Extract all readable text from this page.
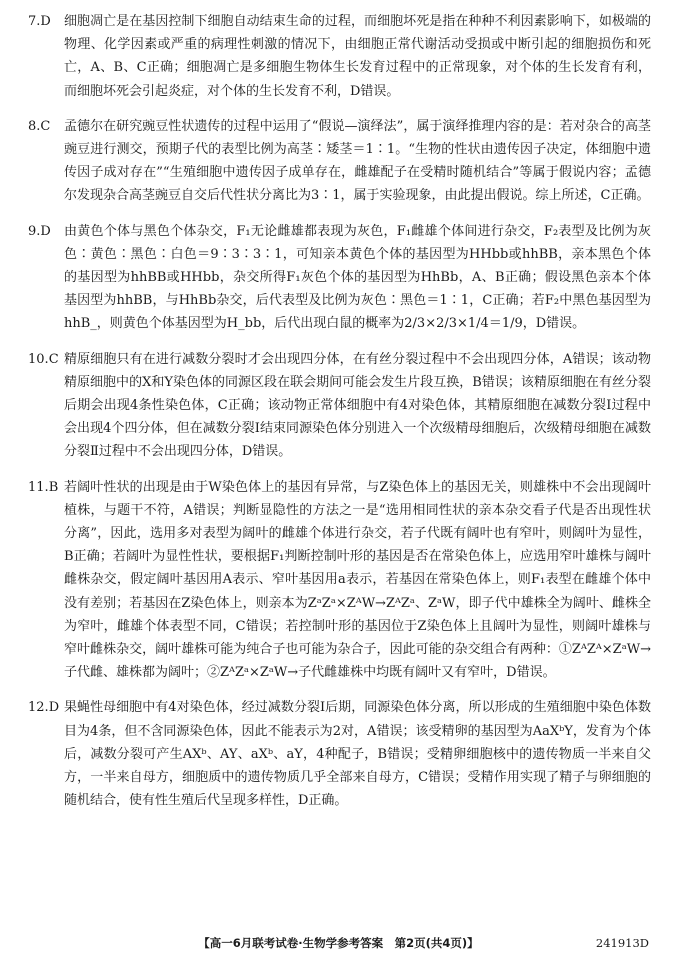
7.D	细胞凋亡是在基因控制下细胞自动结束生命的过程，而细胞坏死是指在种种不利因素影响下，如极端的物理、化学因素或严重的病理性刺激的情况下，由细胞正常代谢活动受损或中断引起的细胞损伤和死亡，A、B、C正确；细胞凋亡是多细胞生物体生长发育过程中的正常现象，对个体的生长发育有利，而细胞坏死会引起炎症，对个体的生长发育不利，D错误。
8.C	孟德尔在研究豌豆性状遗传的过程中运用了“假说—演绎法”，属于演绎推理内容的是：若对杂合的高茎豌豆进行测交，预期子代的表型比例为高茎∶矮茎＝1∶1。“生物的性状由遗传因子决定，体细胞中遗传因子成对存在”“生殖细胞中遗传因子成单存在，雌雄配子在受精时随机结合”等属于假说内容；孟德尔发现杂合高茎豌豆自交后代性状分离比为3∶1，属于实验现象，由此提出假说。综上所述，C正确。
9.D	由黄色个体与黑色个体杂交，F₁无论雌雄都表现为灰色，F₁雌雄个体间进行杂交，F₂表型及比例为灰色∶黄色∶黑色∶白色＝9∶3∶3∶1，可知亲本黄色个体的基因型为HHbb或hhBB，亲本黑色个体的基因型为hhBB或HHbb，杂交所得F₁灰色个体的基因型为HhBb，A、B正确；假设黑色亲本个体基因型为hhBB，与HhBb杂交，后代表型及比例为灰色∶黑色＝1∶1，C正确；若F₂中黑色基因型为hhB_，则黄色个体基因型为H_bb，后代出现白鼠的概率为2/3×2/3×1/4＝1/9，D错误。
10.C 精原细胞只有在进行减数分裂时才会出现四分体，在有丝分裂过程中不会出现四分体，A错误；该动物精原细胞中的X和Y染色体的同源区段在联会期间可能会发生片段互换，B错误；该精原细胞在有丝分裂后期会出现4条性染色体，C正确；该动物正常体细胞中有4对染色体，其精原细胞在减数分裂Ⅰ过程中会出现4个四分体，但在减数分裂Ⅰ结束同源染色体分别进入一个次级精母细胞后，次级精母细胞在减数分裂Ⅱ过程中不会出现四分体，D错误。
11.B 若阔叶性状的出现是由于W染色体上的基因有异常，与Z染色体上的基因无关，则雄株中不会出现阔叶植株，与题干不符，A错误；判断显隐性的方法之一是“选用相同性状的亲本杂交看子代是否出现性状分离”，因此，选用多对表型为阔叶的雌雄个体进行杂交，若子代既有阔叶也有窄叶，则阔叶为显性，B正确；若阔叶为显性性状，要根据F₁判断控制叶形的基因是否在常染色体上，应选用窄叶雄株与阔叶雌株杂交，假定阔叶基因用A表示、窄叶基因用a表示，若基因在常染色体上，则F₁表型在雌雄个体中没有差别；若基因在Z染色体上，则亲本为ZᵃZᵃ×ZᴬW→ZᴬZᵃ、ZᵃW，即子代中雄株全为阔叶、雌株全为窄叶，雌雄个体表型不同，C错误；若控制叶形的基因位于Z染色体上且阔叶为显性，则阔叶雄株与窄叶雌株杂交，阔叶雄株可能为纯合子也可能为杂合子，因此可能的杂交组合有两种：①ZᴬZᴬ×ZᵃW→子代雌、雄株都为阔叶；②ZᴬZᵃ×ZᵃW→子代雌雄株中均既有阔叶又有窄叶，D错误。
12.D 果蝇性母细胞中有4对染色体，经过减数分裂Ⅰ后期，同源染色体分离，所以形成的生殖细胞中染色体数目为4条，但不含同源染色体，因此不能表示为2对，A错误；该受精卵的基因型为AaXᵇY，发育为个体后，减数分裂可产生AXᵇ、AY、aXᵇ、aY，4种配子，B错误；受精卵细胞核中的遗传物质一半来自父方，一半来自母方，细胞质中的遗传物质几乎全部来自母方，C错误；受精作用实现了精子与卵细胞的随机结合，使有性生殖后代呈现多样性，D正确。
【高一6月联考试卷·生物学参考答案　第2页(共4页)】	241913D
